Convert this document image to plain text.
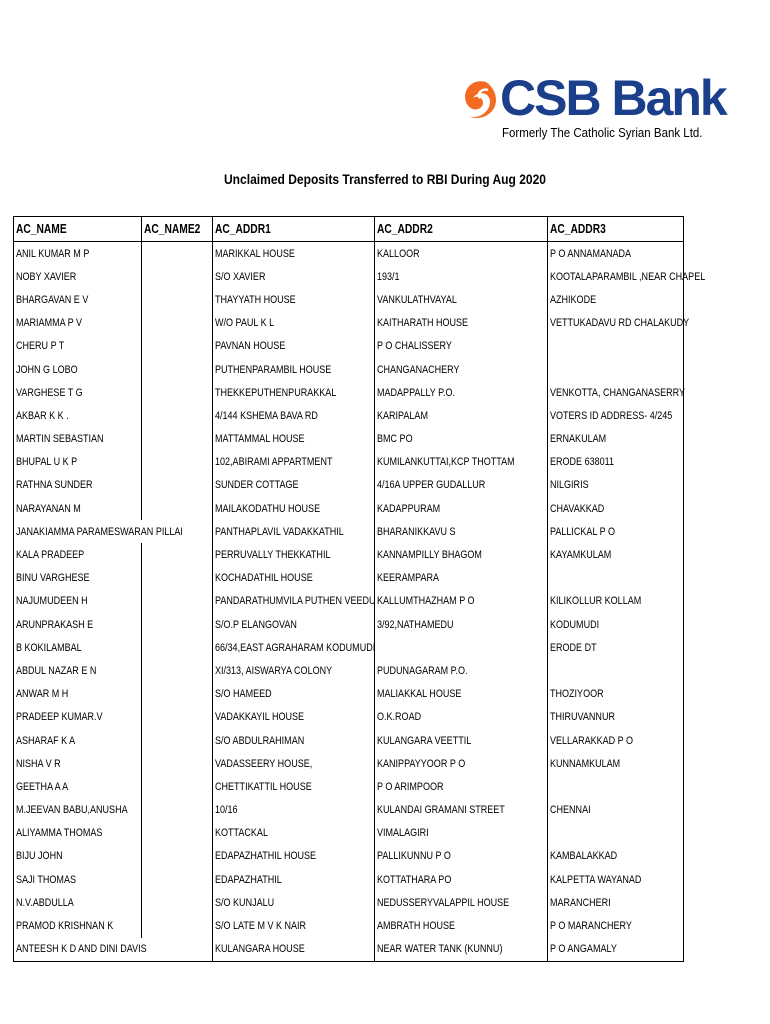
CSB Bank
Formerly The Catholic Syrian Bank Ltd.
Unclaimed Deposits Transferred to RBI During Aug 2020
AC_NAME	AC_NAME2	AC_ADDR1	AC_ADDR2	AC_ADDR3
ANIL KUMAR M P		MARIKKAL HOUSE	KALLOOR	P O ANNAMANADA
NOBY XAVIER		S/O XAVIER	193/1	KOOTALAPARAMBIL ,NEAR CHAPEL
BHARGAVAN E V		THAYYATH HOUSE	VANKULATHVAYAL	AZHIKODE
MARIAMMA P V		W/O PAUL K L	KAITHARATH HOUSE	VETTUKADAVU RD CHALAKUDY
CHERU P T		PAVNAN HOUSE	P O CHALISSERY	
JOHN G LOBO		PUTHENPARAMBIL HOUSE	CHANGANACHERY	
VARGHESE T G		THEKKEPUTHENPURAKKAL	MADAPPALLY P.O.	VENKOTTA, CHANGANASERRY
AKBAR K K .		4/144 KSHEMA BAVA RD	KARIPALAM	VOTERS ID ADDRESS- 4/245
MARTIN SEBASTIAN		MATTAMMAL HOUSE	BMC PO	ERNAKULAM
BHUPAL U K P		102,ABIRAMI APPARTMENT	KUMILANKUTTAI,KCP THOTTAM	ERODE 638011
RATHNA SUNDER		SUNDER COTTAGE	4/16A UPPER GUDALLUR	NILGIRIS
NARAYANAN M		MAILAKODATHU HOUSE	KADAPPURAM	CHAVAKKAD
JANAKIAMMA PARAMESWARAN PILLAI		PANTHAPLAVIL VADAKKATHIL	BHARANIKKAVU S	PALLICKAL P O
KALA PRADEEP		PERRUVALLY THEKKATHIL	KANNAMPILLY BHAGOM	KAYAMKULAM
BINU VARGHESE		KOCHADATHIL HOUSE	KEERAMPARA	
NAJUMUDEEN H		PANDARATHUMVILA PUTHEN VEEDU	KALLUMTHAZHAM P O	KILIKOLLUR KOLLAM
ARUNPRAKASH E		S/O.P ELANGOVAN	3/92,NATHAMEDU	KODUMUDI
B KOKILAMBAL		66/34,EAST AGRAHARAM KODUMUDI		ERODE DT
ABDUL NAZAR E N		XI/313, AISWARYA COLONY	PUDUNAGARAM P.O.	
ANWAR M H		S/O HAMEED	MALIAKKAL HOUSE	THOZIYOOR
PRADEEP KUMAR.V		VADAKKAYIL HOUSE	O.K.ROAD	THIRUVANNUR
ASHARAF K A		S/O ABDULRAHIMAN	KULANGARA VEETTIL	VELLARAKKAD P O
NISHA V R		VADASSEERY HOUSE,	KANIPPAYYOOR P O	KUNNAMKULAM
GEETHA A A		CHETTIKATTIL HOUSE	P O ARIMPOOR	
M.JEEVAN BABU,ANUSHA		10/16	KULANDAI GRAMANI STREET	CHENNAI
ALIYAMMA THOMAS		KOTTACKAL	VIMALAGIRI	
BIJU JOHN		EDAPAZHATHIL HOUSE	PALLIKUNNU P O	KAMBALAKKAD
SAJI THOMAS		EDAPAZHATHIL	KOTTATHARA PO	KALPETTA WAYANAD
N.V.ABDULLA		S/O KUNJALU	NEDUSSERYVALAPPIL HOUSE	MARANCHERI
PRAMOD KRISHNAN K		S/O LATE M V K NAIR	AMBRATH HOUSE	P O MARANCHERY
ANTEESH K D AND DINI DAVIS		KULANGARA HOUSE	NEAR WATER TANK (KUNNU)	P O ANGAMALY
